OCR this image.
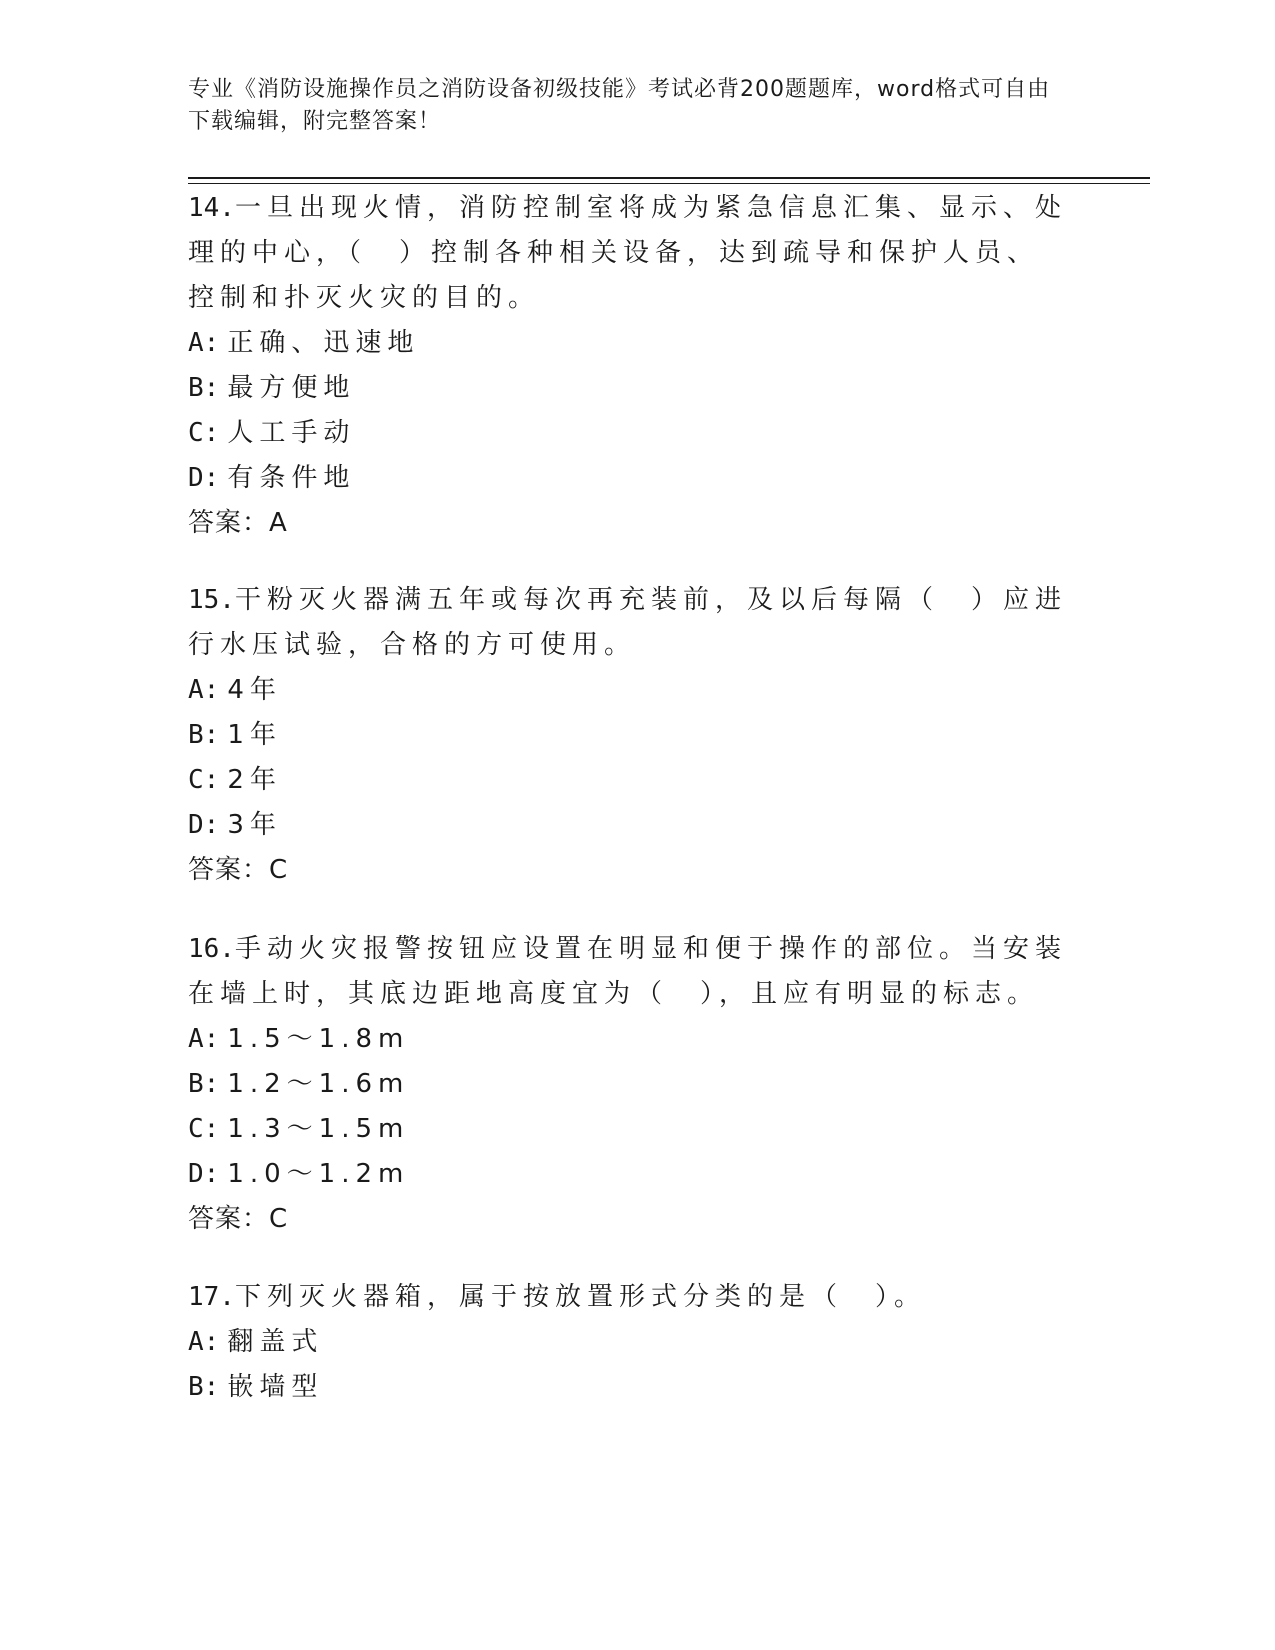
专业《消防设施操作员之消防设备初级技能》考试必背200题题库，word格式可自由下载编辑，附完整答案！
14.一旦出现火情，消防控制室将成为紧急信息汇集、显示、处理的中心，（　）控制各种相关设备，达到疏导和保护人员、控制和扑灭火灾的目的。
A: 正确、迅速地
B: 最方便地
C: 人工手动
D: 有条件地
答案：A
15.干粉灭火器满五年或每次再充装前，及以后每隔（　）应进行水压试验，合格的方可使用。
A: 4年
B: 1年
C: 2年
D: 3年
答案：C
16.手动火灾报警按钮应设置在明显和便于操作的部位。当安装在墙上时，其底边距地高度宜为（　），且应有明显的标志。
A: 1.5～1.8m
B: 1.2～1.6m
C: 1.3～1.5m
D: 1.0～1.2m
答案：C
17.下列灭火器箱，属于按放置形式分类的是（　）。
A: 翻盖式
B: 嵌墙型
